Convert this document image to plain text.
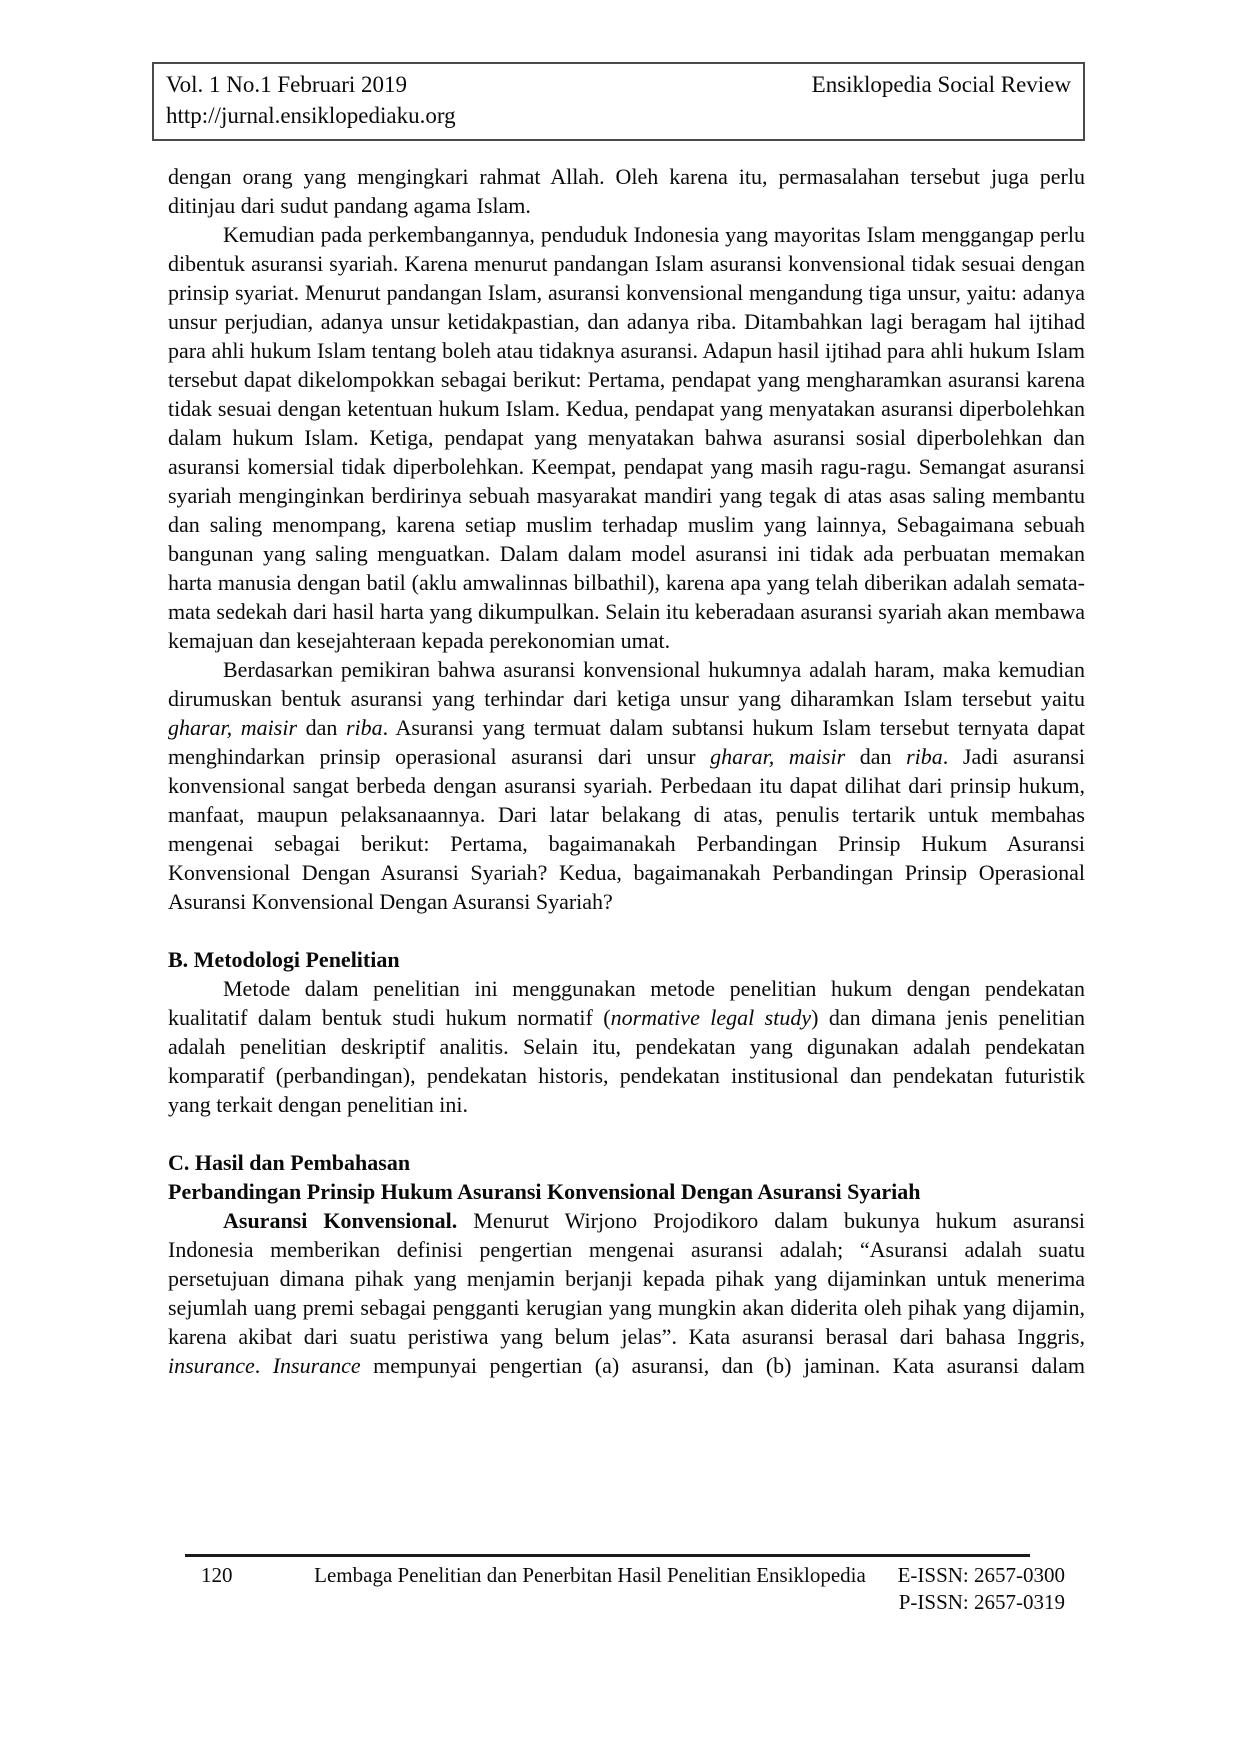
Vol. 1 No.1 Februari 2019	Ensiklopedia Social Review
http://jurnal.ensiklopediaku.org

dengan orang yang mengingkari rahmat Allah. Oleh karena itu, permasalahan tersebut juga perlu ditinjau dari sudut pandang agama Islam.

Kemudian pada perkembangannya, penduduk Indonesia yang mayoritas Islam menggangap perlu dibentuk asuransi syariah. Karena menurut pandangan Islam asuransi konvensional tidak sesuai dengan prinsip syariat. Menurut pandangan Islam, asuransi konvensional mengandung tiga unsur, yaitu: adanya unsur perjudian, adanya unsur ketidakpastian, dan adanya riba. Ditambahkan lagi beragam hal ijtihad para ahli hukum Islam tentang boleh atau tidaknya asuransi. Adapun hasil ijtihad para ahli hukum Islam tersebut dapat dikelompokkan sebagai berikut: Pertama, pendapat yang mengharamkan asuransi karena tidak sesuai dengan ketentuan hukum Islam. Kedua, pendapat yang menyatakan asuransi diperbolehkan dalam hukum Islam. Ketiga, pendapat yang menyatakan bahwa asuransi sosial diperbolehkan dan asuransi komersial tidak diperbolehkan. Keempat, pendapat yang masih ragu-ragu. Semangat asuransi syariah menginginkan berdirinya sebuah masyarakat mandiri yang tegak di atas asas saling membantu dan saling menompang, karena setiap muslim terhadap muslim yang lainnya, Sebagaimana sebuah bangunan yang saling menguatkan. Dalam dalam model asuransi ini tidak ada perbuatan memakan harta manusia dengan batil (aklu amwalinnas bilbathil), karena apa yang telah diberikan adalah semata-mata sedekah dari hasil harta yang dikumpulkan. Selain itu keberadaan asuransi syariah akan membawa kemajuan dan kesejahteraan kepada perekonomian umat.

Berdasarkan pemikiran bahwa asuransi konvensional hukumnya adalah haram, maka kemudian dirumuskan bentuk asuransi yang terhindar dari ketiga unsur yang diharamkan Islam tersebut yaitu gharar, maisir dan riba. Asuransi yang termuat dalam subtansi hukum Islam tersebut ternyata dapat menghindarkan prinsip operasional asuransi dari unsur gharar, maisir dan riba. Jadi asuransi konvensional sangat berbeda dengan asuransi syariah. Perbedaan itu dapat dilihat dari prinsip hukum, manfaat, maupun pelaksanaannya. Dari latar belakang di atas, penulis tertarik untuk membahas mengenai sebagai berikut: Pertama, bagaimanakah Perbandingan Prinsip Hukum Asuransi Konvensional Dengan Asuransi Syariah? Kedua, bagaimanakah Perbandingan Prinsip Operasional Asuransi Konvensional Dengan Asuransi Syariah?

B. Metodologi Penelitian

Metode dalam penelitian ini menggunakan metode penelitian hukum dengan pendekatan kualitatif dalam bentuk studi hukum normatif (normative legal study) dan dimana jenis penelitian adalah penelitian deskriptif analitis. Selain itu, pendekatan yang digunakan adalah pendekatan komparatif (perbandingan), pendekatan historis, pendekatan institusional dan pendekatan futuristik yang terkait dengan penelitian ini.

C. Hasil dan Pembahasan
Perbandingan Prinsip Hukum Asuransi Konvensional Dengan Asuransi Syariah

Asuransi Konvensional. Menurut Wirjono Projodikoro dalam bukunya hukum asuransi Indonesia memberikan definisi pengertian mengenai asuransi adalah; “Asuransi adalah suatu persetujuan dimana pihak yang menjamin berjanji kepada pihak yang dijaminkan untuk menerima sejumlah uang premi sebagai pengganti kerugian yang mungkin akan diderita oleh pihak yang dijamin, karena akibat dari suatu peristiwa yang belum jelas”. Kata asuransi berasal dari bahasa Inggris, insurance. Insurance mempunyai pengertian (a) asuransi, dan (b) jaminan. Kata asuransi dalam

120	Lembaga Penelitian dan Penerbitan Hasil Penelitian Ensiklopedia	E-ISSN: 2657-0300
P-ISSN: 2657-0319
